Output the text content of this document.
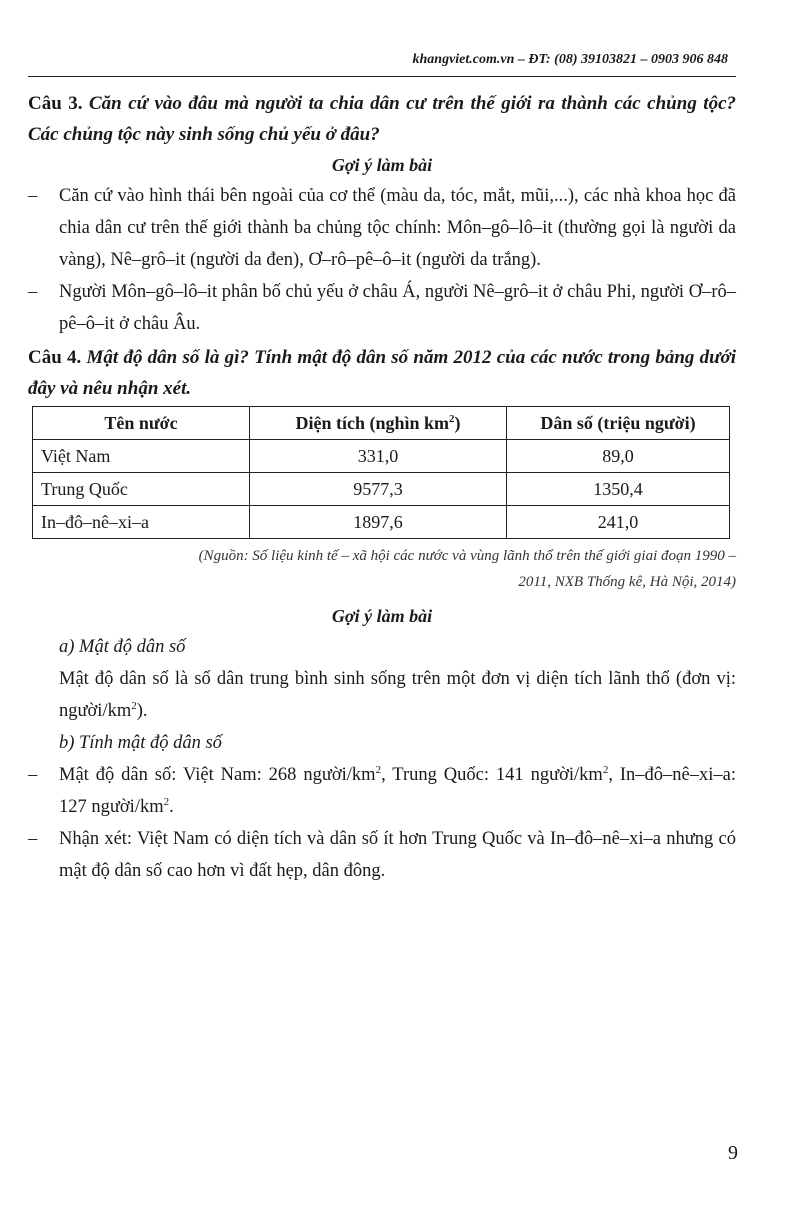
khangviet.com.vn – ĐT: (08) 39103821 – 0903 906 848

Câu 3. Căn cứ vào đâu mà người ta chia dân cư trên thế giới ra thành các chủng tộc? Các chủng tộc này sinh sống chủ yếu ở đâu?

Gợi ý làm bài

– Căn cứ vào hình thái bên ngoài của cơ thể (màu da, tóc, mắt, mũi,...), các nhà khoa học đã chia dân cư trên thế giới thành ba chủng tộc chính: Môn–gô–lô–it (thường gọi là người da vàng), Nê–grô–it (người da đen), Ơ–rô–pê–ô–it (người da trắng).

– Người Môn–gô–lô–it phân bố chủ yếu ở châu Á, người Nê–grô–it ở châu Phi, người Ơ–rô–pê–ô–it ở châu Âu.

Câu 4. Mật độ dân số là gì? Tính mật độ dân số năm 2012 của các nước trong bảng dưới đây và nêu nhận xét.

Tên nước	Diện tích (nghìn $km^2$)	Dân số (triệu người)
Việt Nam	331,0	89,0
Trung Quốc	9577,3	1350,4
In–đô–nê–xi–a	1897,6	241,0

(Nguồn: Số liệu kinh tế – xã hội các nước và vùng lãnh thổ trên thế giới giai đoạn 1990 –
2011, NXB Thống kê, Hà Nội, 2014)

Gợi ý làm bài

a) Mật độ dân số

Mật độ dân số là số dân trung bình sinh sống trên một đơn vị diện tích lãnh thổ (đơn vị: người/$km^2$).

b) Tính mật độ dân số

– Mật độ dân số: Việt Nam: 268 người/$km^2$, Trung Quốc: 141 người/$km^2$, In–đô–nê–xi–a: 127 người/$km^2$.

– Nhận xét: Việt Nam có diện tích và dân số ít hơn Trung Quốc và In–đô–nê–xi–a nhưng có mật độ dân số cao hơn vì đất hẹp, dân đông.

9
